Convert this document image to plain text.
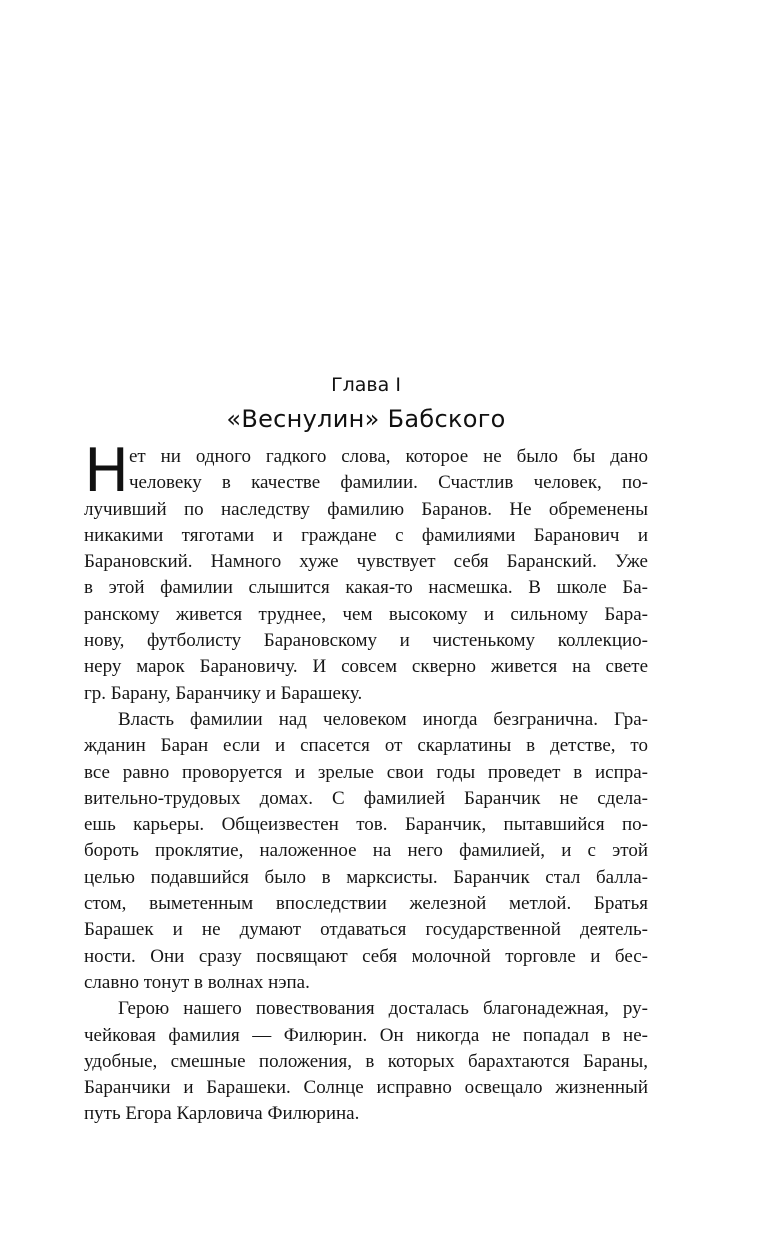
Глава I
«Веснулин» Бабского
Н ет ни одного гадкого слова, которое не было бы дано
человеку в качестве фамилии. Счастлив человек, по-
лучивший по наследству фамилию Баранов. Не обременены
никакими тяготами и граждане с фамилиями Баранович и
Барановский. Намного хуже чувствует себя Баранский. Уже
в этой фамилии слышится какая-то насмешка. В школе Ба-
ранскому живется труднее, чем высокому и сильному Бара-
нову, футболисту Барановскому и чистенькому коллекцио-
неру марок Барановичу. И совсем скверно живется на свете
гр. Барану, Баранчику и Барашеку.
Власть фамилии над человеком иногда безгранична. Гра-
жданин Баран если и спасется от скарлатины в детстве, то
все равно проворуется и зрелые свои годы проведет в испра-
вительно-трудовых домах. С фамилией Баранчик не сдела-
ешь карьеры. Общеизвестен тов. Баранчик, пытавшийся по-
бороть проклятие, наложенное на него фамилией, и с этой
целью подавшийся было в марксисты. Баранчик стал балла-
стом, выметенным впоследствии железной метлой. Братья
Барашек и не думают отдаваться государственной деятель-
ности. Они сразу посвящают себя молочной торговле и бес-
славно тонут в волнах нэпа.
Герою нашего повествования досталась благонадежная, ру-
чейковая фамилия — Филюрин. Он никогда не попадал в не-
удобные, смешные положения, в которых барахтаются Бараны,
Баранчики и Барашеки. Солнце исправно освещало жизненный
путь Егора Карловича Филюрина.
